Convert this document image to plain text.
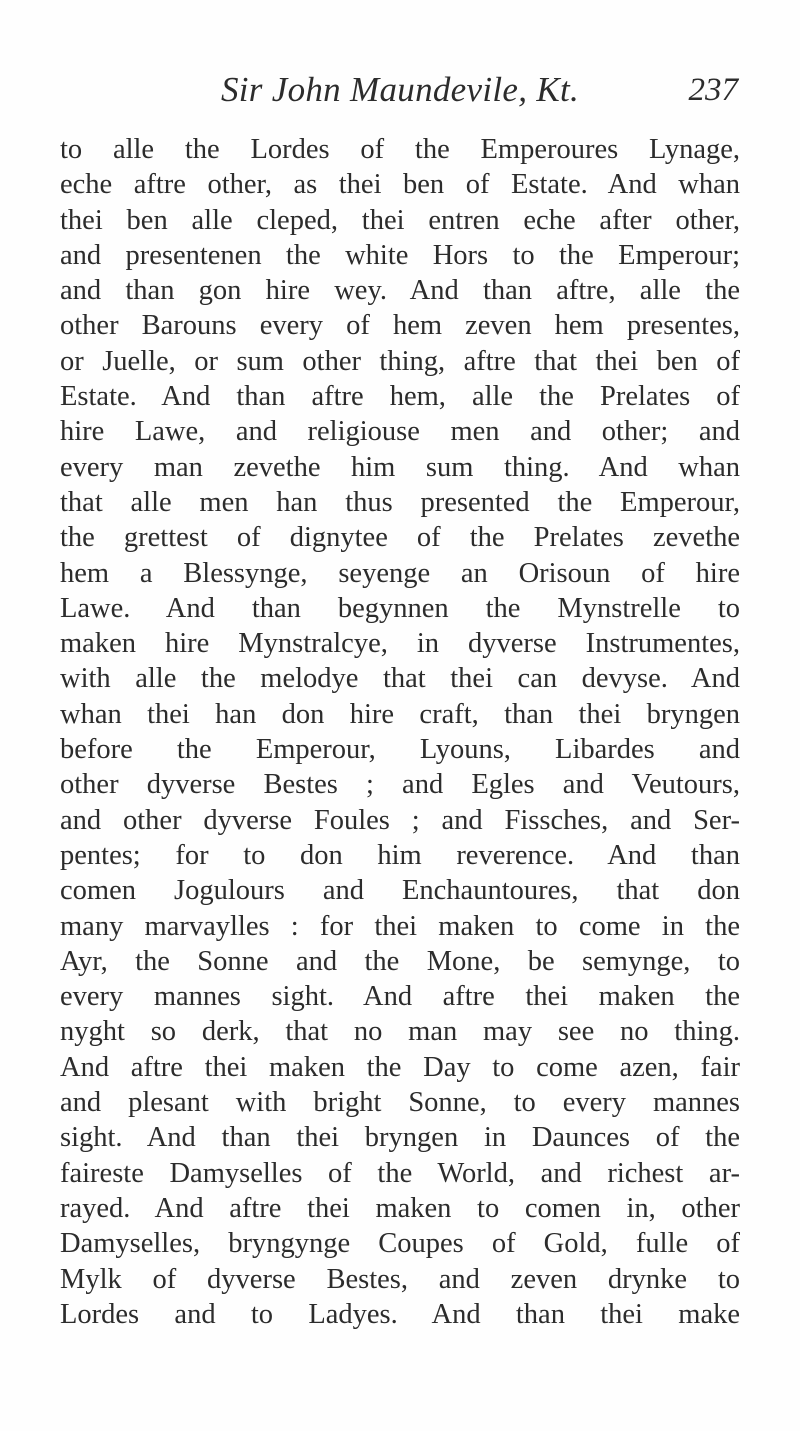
Sir John Maundevile, Kt.	237
to alle the Lordes of the Emperoures Lynage,
eche aftre other, as thei ben of Estate. And whan
thei ben alle cleped, thei entren eche after other,
and presentenen the white Hors to the Emperour;
and than gon hire wey. And than aftre, alle the
other Barouns every of hem zeven hem presentes,
or Juelle, or sum other thing, aftre that thei ben of
Estate. And than aftre hem, alle the Prelates of
hire Lawe, and religiouse men and other; and
every man zevethe him sum thing. And whan
that alle men han thus presented the Emperour,
the grettest of dignytee of the Prelates zevethe
hem a Blessynge, seyenge an Orisoun of hire
Lawe. And than begynnen the Mynstrelle to
maken hire Mynstralcye, in dyverse Instrumentes,
with alle the melodye that thei can devyse. And
whan thei han don hire craft, than thei bryngen
before the Emperour, Lyouns, Libardes and
other dyverse Bestes ; and Egles and Veutours,
and other dyverse Foules ; and Fissches, and Ser-
pentes; for to don him reverence. And than
comen Jogulours and Enchauntoures, that don
many marvaylles : for thei maken to come in the
Ayr, the Sonne and the Mone, be semynge, to
every mannes sight. And aftre thei maken the
nyght so derk, that no man may see no thing.
And aftre thei maken the Day to come azen, fair
and plesant with bright Sonne, to every mannes
sight. And than thei bryngen in Daunces of the
faireste Damyselles of the World, and richest ar-
rayed. And aftre thei maken to comen in, other
Damyselles, bryngynge Coupes of Gold, fulle of
Mylk of dyverse Bestes, and zeven drynke to
Lordes and to Ladyes. And than thei make
